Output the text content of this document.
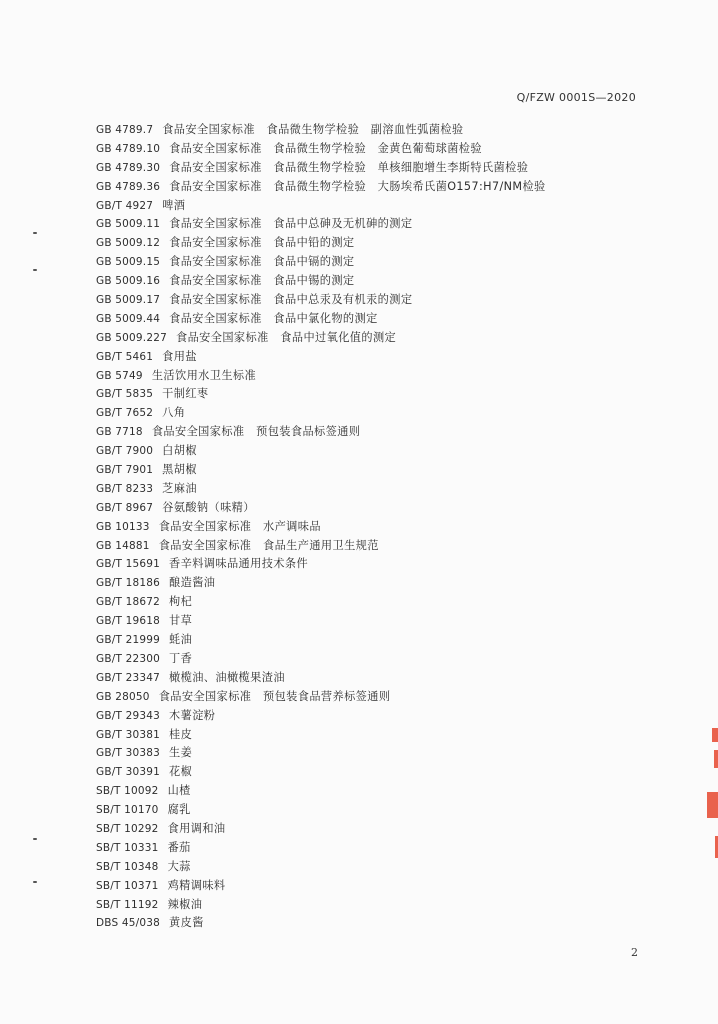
Q/FZW 0001S—2020
GB 4789.7 食品安全国家标准　食品微生物学检验　副溶血性弧菌检验
GB 4789.10 食品安全国家标准　食品微生物学检验　金黄色葡萄球菌检验
GB 4789.30 食品安全国家标准　食品微生物学检验　单核细胞增生李斯特氏菌检验
GB 4789.36 食品安全国家标准　食品微生物学检验　大肠埃希氏菌O157:H7/NM检验
GB/T 4927 啤酒
GB 5009.11 食品安全国家标准　食品中总砷及无机砷的测定
GB 5009.12 食品安全国家标准　食品中铅的测定
GB 5009.15 食品安全国家标准　食品中镉的测定
GB 5009.16 食品安全国家标准　食品中锡的测定
GB 5009.17 食品安全国家标准　食品中总汞及有机汞的测定
GB 5009.44 食品安全国家标准　食品中氯化物的测定
GB 5009.227 食品安全国家标准　食品中过氧化值的测定
GB/T 5461 食用盐
GB 5749 生活饮用水卫生标准
GB/T 5835 干制红枣
GB/T 7652 八角
GB 7718 食品安全国家标准　预包装食品标签通则
GB/T 7900 白胡椒
GB/T 7901 黑胡椒
GB/T 8233 芝麻油
GB/T 8967 谷氨酸钠（味精）
GB 10133 食品安全国家标准　水产调味品
GB 14881 食品安全国家标准　食品生产通用卫生规范
GB/T 15691 香辛料调味品通用技术条件
GB/T 18186 酿造酱油
GB/T 18672 枸杞
GB/T 19618 甘草
GB/T 21999 蚝油
GB/T 22300 丁香
GB/T 23347 橄榄油、油橄榄果渣油
GB 28050 食品安全国家标准　预包装食品营养标签通则
GB/T 29343 木薯淀粉
GB/T 30381 桂皮
GB/T 30383 生姜
GB/T 30391 花椒
SB/T 10092 山楂
SB/T 10170 腐乳
SB/T 10292 食用调和油
SB/T 10331 番茄
SB/T 10348 大蒜
SB/T 10371 鸡精调味料
SB/T 11192 辣椒油
DBS 45/038 黄皮酱
2
